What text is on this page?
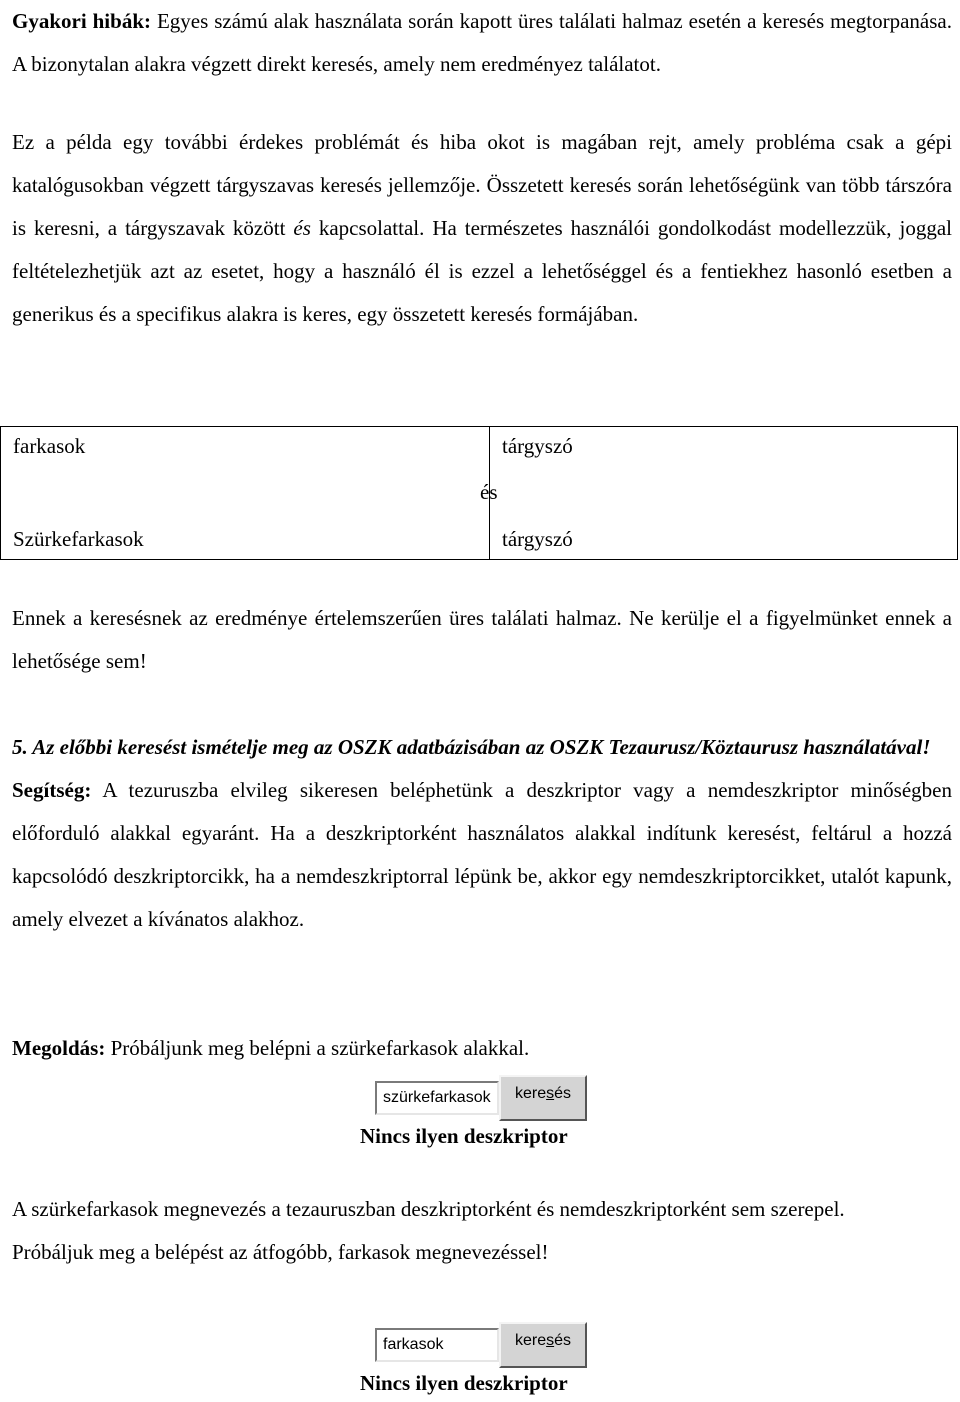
Gyakori hibák: Egyes számú alak használata során kapott üres találati halmaz esetén a keresés megtorpanása. A bizonytalan alakra végzett direkt keresés, amely nem eredményez találatot.

Ez a példa egy további érdekes problémát és hiba okot is magában rejt, amely probléma csak a gépi katalógusokban végzett tárgyszavas keresés jellemzője. Összetett keresés során lehetőségünk van több társzóra is keresni, a tárgyszavak között és kapcsolattal. Ha természetes használói gondolkodást modellezzük, joggal feltételezhetjük azt az esetet, hogy a használó él is ezzel a lehetőséggel és a fentiekhez hasonló esetben a generikus és a specifikus alakra is keres, egy összetett keresés formájában.

farkasok	tárgyszó
	és
Szürkefarkasok	tárgyszó

Ennek a keresésnek az eredménye értelemszerűen üres találati halmaz. Ne kerülje el a figyelmünket ennek a lehetősége sem!

5. Az előbbi keresést ismételje meg az OSZK adatbázisában az OSZK Tezaurusz/Köztaurusz használatával!

Segítség: A tezuruszba elvileg sikeresen beléphetünk a deszkriptor vagy a nemdeszkriptor minőségben előforduló alakkal egyaránt. Ha a deszkriptorként használatos alakkal indítunk keresést, feltárul a hozzá kapcsolódó deszkriptorcikk, ha a nemdeszkriptorral lépünk be, akkor egy nemdeszkriptorcikket, utalót kapunk, amely elvezet a kívánatos alakhoz.

Megoldás: Próbáljunk meg belépni a szürkefarkasok alakkal.

szürkefarkasok
keresés
Nincs ilyen deszkriptor

A szürkefarkasok megnevezés a tezauruszban deszkriptorként és nemdeszkriptorként sem szerepel.

Próbáljuk meg a belépést az átfogóbb, farkasok megnevezéssel!

farkasok
keresés
Nincs ilyen deszkriptor
